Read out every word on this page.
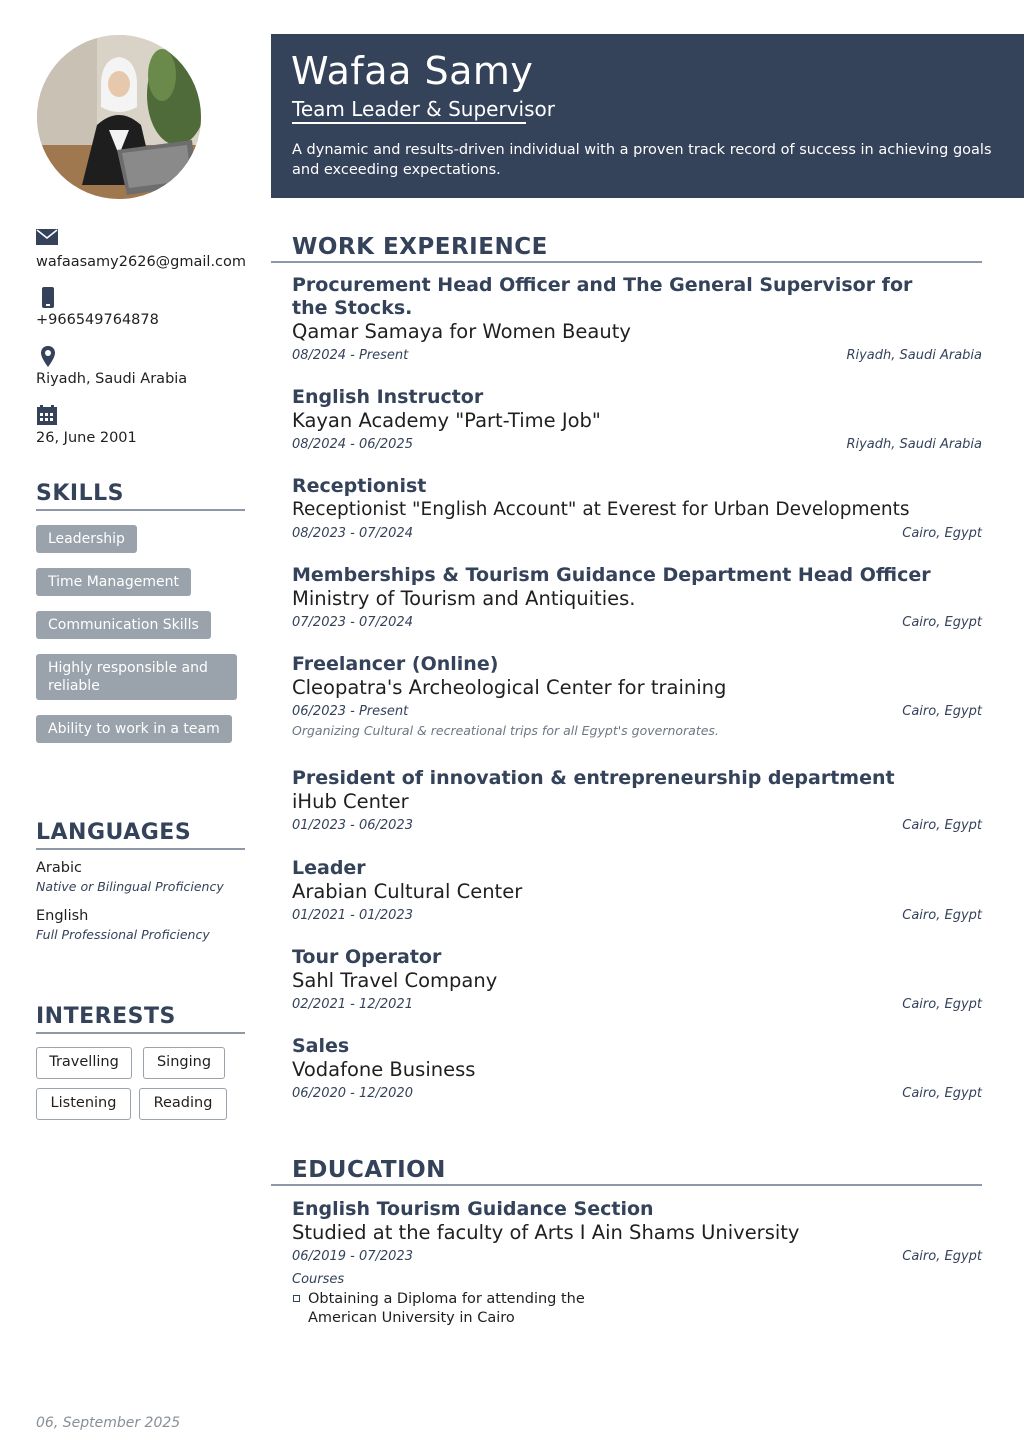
wafaasamy2626@gmail.com
+966549764878
Riyadh, Saudi Arabia
26, June 2001
SKILLS
Leadership
Time Management
Communication Skills
Highly responsible and reliable
Ability to work in a team
LANGUAGES
Arabic
Native or Bilingual Proficiency
English
Full Professional Proficiency
INTERESTS
Travelling	Singing
Listening	Reading
06, September 2025
Wafaa Samy
Team Leader & Supervisor
A dynamic and results-driven individual with a proven track record of success in achieving goals and exceeding expectations.
WORK EXPERIENCE
Procurement Head Officer and The General Supervisor for the Stocks.
Qamar Samaya for Women Beauty
08/2024 - Present	Riyadh, Saudi Arabia
English Instructor
Kayan Academy "Part-Time Job"
08/2024 - 06/2025	Riyadh, Saudi Arabia
Receptionist
Receptionist "English Account" at Everest for Urban Developments
08/2023 - 07/2024	Cairo, Egypt
Memberships & Tourism Guidance Department Head Officer
Ministry of Tourism and Antiquities.
07/2023 - 07/2024	Cairo, Egypt
Freelancer (Online)
Cleopatra's Archeological Center for training
06/2023 - Present	Cairo, Egypt
Organizing Cultural & recreational trips for all Egypt's governorates.
President of innovation & entrepreneurship department
iHub Center
01/2023 - 06/2023	Cairo, Egypt
Leader
Arabian Cultural Center
01/2021 - 01/2023	Cairo, Egypt
Tour Operator
Sahl Travel Company
02/2021 - 12/2021	Cairo, Egypt
Sales
Vodafone Business
06/2020 - 12/2020	Cairo, Egypt
EDUCATION
English Tourism Guidance Section
Studied at the faculty of Arts I Ain Shams University
06/2019 - 07/2023	Cairo, Egypt
Courses
Obtaining a Diploma for attending the American University in Cairo
